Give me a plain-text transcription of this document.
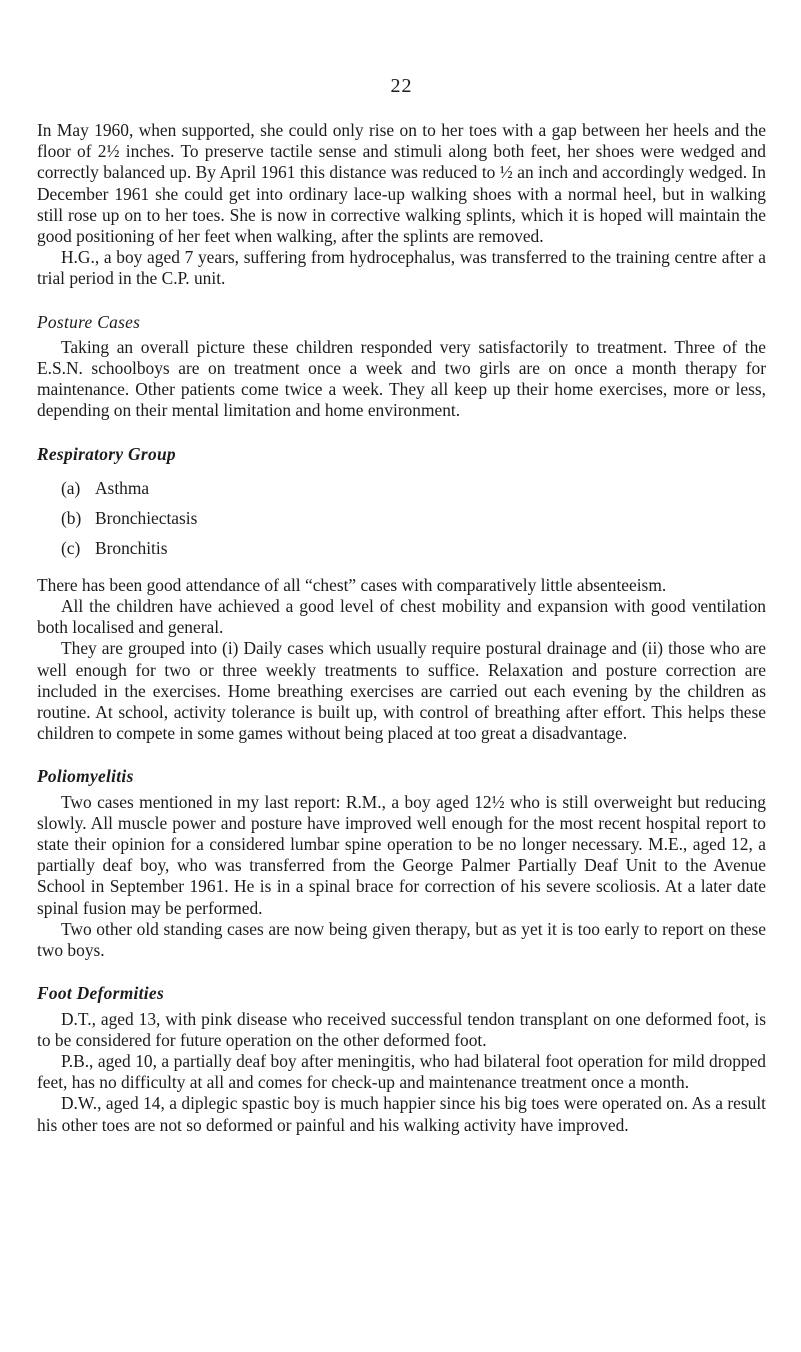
22

In May 1960, when supported, she could only rise on to her toes with a gap between her heels and the floor of 2½ inches. To preserve tactile sense and stimuli along both feet, her shoes were wedged and correctly balanced up. By April 1961 this distance was reduced to ½ an inch and accordingly wedged. In December 1961 she could get into ordinary lace-up walking shoes with a normal heel, but in walking still rose up on to her toes. She is now in corrective walking splints, which it is hoped will maintain the good positioning of her feet when walking, after the splints are removed.

H.G., a boy aged 7 years, suffering from hydrocephalus, was transferred to the training centre after a trial period in the C.P. unit.

Posture Cases

Taking an overall picture these children responded very satisfactorily to treatment. Three of the E.S.N. schoolboys are on treatment once a week and two girls are on once a month therapy for maintenance. Other patients come twice a week. They all keep up their home exercises, more or less, depending on their mental limitation and home environment.

Respiratory Group
(a) Asthma
(b) Bronchiectasis
(c) Bronchitis

There has been good attendance of all “chest” cases with comparatively little absenteeism.

All the children have achieved a good level of chest mobility and expansion with good ventilation both localised and general.

They are grouped into (i) Daily cases which usually require postural drainage and (ii) those who are well enough for two or three weekly treatments to suffice. Relaxation and posture correction are included in the exercises. Home breathing exercises are carried out each evening by the children as routine. At school, activity tolerance is built up, with control of breathing after effort. This helps these children to compete in some games without being placed at too great a disadvantage.

Poliomyelitis

Two cases mentioned in my last report: R.M., a boy aged 12½ who is still overweight but reducing slowly. All muscle power and posture have improved well enough for the most recent hospital report to state their opinion for a considered lumbar spine operation to be no longer necessary. M.E., aged 12, a partially deaf boy, who was transferred from the George Palmer Partially Deaf Unit to the Avenue School in September 1961. He is in a spinal brace for correction of his severe scoliosis. At a later date spinal fusion may be performed.

Two other old standing cases are now being given therapy, but as yet it is too early to report on these two boys.

Foot Deformities

D.T., aged 13, with pink disease who received successful tendon transplant on one deformed foot, is to be considered for future operation on the other deformed foot.

P.B., aged 10, a partially deaf boy after meningitis, who had bilateral foot operation for mild dropped feet, has no difficulty at all and comes for check-up and maintenance treatment once a month.

D.W., aged 14, a diplegic spastic boy is much happier since his big toes were operated on. As a result his other toes are not so deformed or painful and his walking activity have improved.
